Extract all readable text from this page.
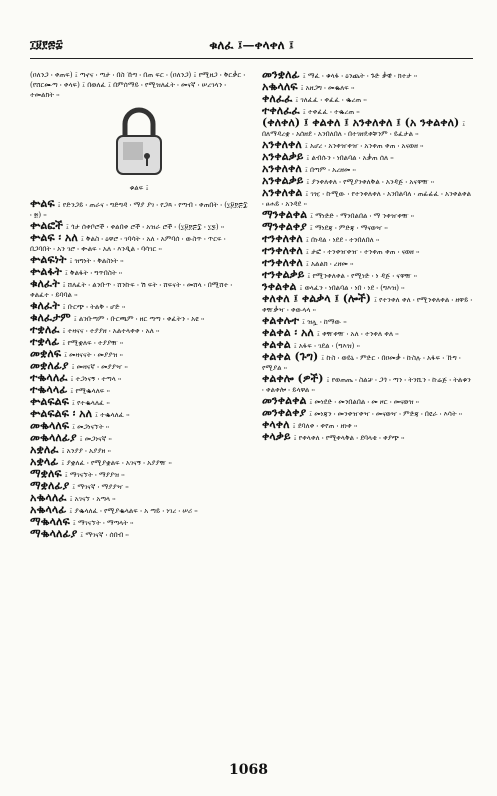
፲፱፻፷፰	ቁለፈ ፤—ቀላቀለ ፤
(ዐለንጋ ፡ ቀጠፍ) ፤ ጣኖና ፡ ጣታ ፡ በስ ኹግ ፡ በጠ ፍር ፡ (ዐለንጋ) ፤ የሚዘጋ ፡ ቅርቃር ፡ (የሸርሙጣ ፡ ቀላፍ) ፤ በወለፈ ፤ በምሰማይ ፡ የሚዝለፈት ፡ መናኛ ፡ ሠረገላን ፡ ተመልክት ፡፡
ቁልፍ ፤
ቍልፍ ፤ የድንጋይ ፡ ጠራና ፡ ግድግዳ ፡ ማያ ያገ ፡ የጋጻ ፡ የጣብ ፡ ቀጠበት ፡ (፲፱፻፷፰ ፡ ፳) ፡፡
ቍልፎች ፤ ጎታ ሰቀቦሮች ፡ ቀልበቀ ሮች ፡ አዝራ ሮች ፡ (፲፱፻፷፰ ፡ ፲፯) ፡፡
ቍልፍ ፡ አለ ፤ ቅልስ ፡ ዕዋሮ ፡ ገባሳት ፡ አለ ፡ አምባሰ ፡ ውስጥ ፡ ጥርፍ ፡ በጋባበት ፡ አን ገሮ ፡ ቍልፍ ፡ አለ ፡ እንዲል ፡ ባሳገር ፡፡
ቍልፍነት ፤ ዝግነት ፡ ቅልስነት ፡፡
ቍልፋት ፤ ቅልፋት ፡ ግጥበስት ፡፡
ቁለፈት ፤ ሸለፈት ፡ ልንቡጥ ፡ ሸንኩፍ ፡ ሽ ፍት ፡ ሸፍናት ፡ መሸላ ፡ በሚሸተ ፡ ቀልፈተ ፡ ይባባል ፡፡
ቁለፈት ፤ ቡርጭ ፡ ትልቅ ፡ ሆድ ፡፡
ቁለፈታም ፤ ልንቡጣም ፡ ቡርጫም ፡ ዘር ጣጣ ፡ ቀፈትን ፡ አዩ ፡፡
ተቋለፈ ፤ ተዛናና ፡ ተያያዘ ፡ አልተላቀቀ ፡ አለ ፡፡
ተቋላፊ ፤ የሚቋለፍ ፡ ተያያዥ ፡፡
መቋለፍ ፤ መዛናናት ፡ መያያዝ ፡፡
መቋለፊያ ፤ መዛናኛ ፡ መያያዣ ፡፡
ተቈላለፈ ፤ ተጋነናኝ ፡ ተጣላ ፡፡
ተቈላላፊ ፤ የሚቈላለፍ ፡፡
ቍልፍልፍ ፤ የተቈላለፈ ፡፡
ቍልፍልፍ ፡ አለ ፤ ተቈላለፈ ፡፡
መቈላለፍ ፤ መጋነናኘት ፡፡
መቈላለፊያ ፤ መጋነናኛ ፡፡
አቋለፈ ፤ አንያያ ፡ አያያዘ ፡፡
አቋላፊ ፤ ያቋለፈ ፡ የሚያቋልፍ ፡ አገናኝ ፡ አያያዥ ፡፡
ማቋለፍ ፤ ማገናኘት ፡ ማያያዝ ፡፡
ማቋለፊያ ፤ ማገናኛ ፡ ማያያዣ ፡፡
አቈላለፈ ፤ አገናኘ ፡ አጣላ ፡፡
አቈላላፊ ፤ ያቈላለፈ ፡ የሚያቈላልፍ ፡ አ ጣይ ፡ ነገረ ፡ ሠሪ ፡፡
ማቈላለፍ ፤ ማገናኘት ፡ ማጣላት ፡፡
ማቈላለፊያ ፤ ማገናኛ ፡ ሰበብ ፡፡
መንቋለፊ ፤ ማፈ ፡ ቁላፋ ፡ ዕንጨት ፡ ጉድ ቃዊ ፡ ክተታ ፡፡
አቈላለፍ ፤ አዘጋግ ፡ መቈለፍ ፡፡
ቀለፈፈ ፤ ገለፈፈ ፡ ቀፈፈ ፡ ቈረጠ ፡፡
ተቀለፈፈ ፤ ተቀፈፈ ፡ ተቈረጠ ፡፡
(ቀለቀለ) ፤ ቀልቀለ ፤ አንቀለቀለ ፤ (አ ንቀልቀለ) ፤ በለማዳረቋ ፡ አሰዘደ ፡ አንበለበለ ፡ በተገዘዴቀቹንም ፡ ይፈታል ፡፡
አንቀለቀለ ፤ አሆረ ፡ አንቀዠቀዠ ፡ አንቀጠ ቀጠ ፡ አናወዘ ፡፡
አንቀልቃይ ፤ ልብሱን ፡ ነበልባል ፡ አቃጠ ሰለ ፡፡
አንቀለቀለ ፤ በጣም ፡ አረዘመ ፡፡
አንቀልቃይ ፤ ያንቀለቀለ ፡ የሚያንቀለቅል ፡ አንዳጅ ፡ አናዋዥ ፡፡
አንቀለቀል ፤ ገዢ ፡ ኩሚው ፡ የተንቀለቀለ ፡ አንበልባለ ፡ ጠፊፊፈ ፡ አንቀልቀል ፡ ፀሐይ ፡ አንዳደ ፡፡
ማንቀልቀል ፤ ማነድድ ፡ ማንበልበል ፡ ማ ንቀዠቀዥ ፡፡
ማንቀልቀያ ፤ ማነደጃ ፡ ምድጃ ፡ ማናወዣ ፡፡
ተንቀለቀለ ፤ በነዳል ፡ ነደደ ፡ ተንበለበለ ፡፡
ተንቀለቀለ ፤ ታፎ ፡ ተንቀዠቀዠ ፡ ተንቀጠ ቀጠ ፡ ናወዘ ፡፡
ተንቀለቀለ ፤ አልልክ ፡ ረዘመ ፡፡
ተንቀልቃይ ፤ የሚንቀለቀል ፡ የሚነድ ፡ ነ ዳጅ ፡ ናዋዥ ፡፡
ንቀልቀል ፤ ወላፈን ፡ ነበልባል ፡ ነበ ፡ ነደ ፡ (ግእዝ) ፡፡
ቀለቀለ ፤ ቀልቃላ ፤ (ሎች) ፤ የተንቀለ ቀለ ፡ የሚንቀለቀል ፡ ዘዋይ ፡ ቀዥቃዣ ፡ ቀውላላ ፡፡
ቀልቀሉተ ፤ ዝሏ ፡ ከማው ፡፡
ቀልቀል ፡ አለ ፤ ቀዥቀዥ ፡ አለ ፡ ተንቀለ ቀለ ፡፡
ቀልቀል ፤ አፋፍ ፡ ገደል ፡ (ግእዝ) ፡፡
ቀልቀል (ጉግ) ፤ ኩስ ፡ ወይኒ ፡ ምድር ፡ በዐመቃ ፡ ኩስሉ ፡ አፋፍ ፡ ኹግ ፡ የሚያል ፡፡
ቀልቀሎ (ዎች) ፤ የወጠጤ ፡ ስልቻ ፡ ጋጎ ፡ ጣን ፡ ትንሺን ፡ ኩሬጅ ፡ ትልቁን ፡ ቀልቀሎ ፡ ይላዋል ፡፡
መንቀልቀል ፤ መነደድ ፡ መንበልበል ፡ መ ዞር ፡ መናወዝ ፡፡
መንቀልቀያ ፤ መነጃን ፡ መንቀዠቀዣ ፡ መናወዣ ፡ ምድጃ ፡ በዩራ ፡ እሳት ፡፡
ቀላቀለ ፤ ደባለቀ ፡ ቀየጠ ፡ ዘነቀ ፡፡
ቀላቃይ ፤ የቀላቀለ ፡ የሚቀላቅል ፡ ደባላቂ ፡ ቀያጭ ፡፡
1068
